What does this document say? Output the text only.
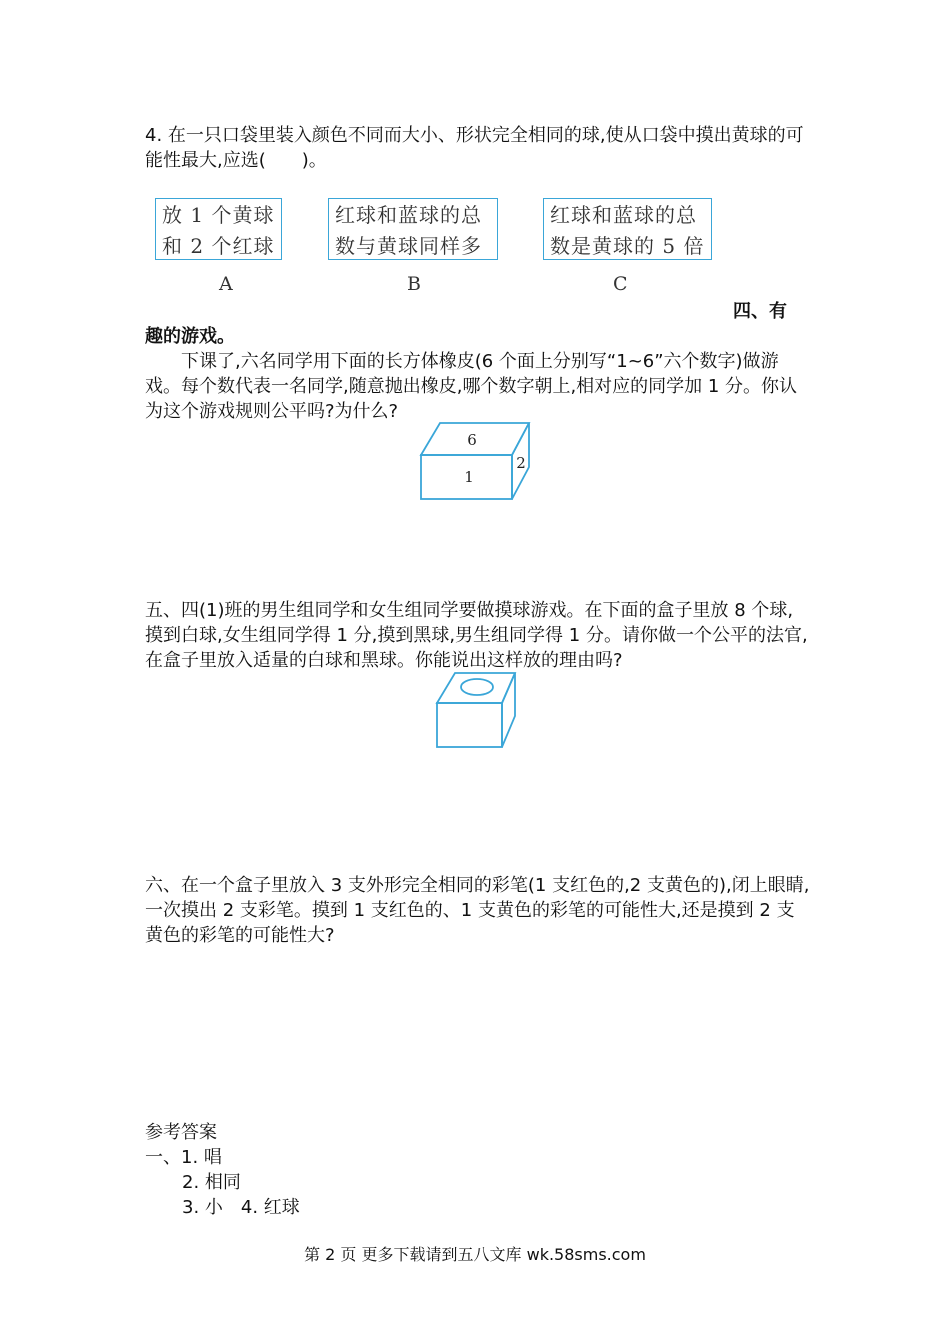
4. 在一只口袋里装入颜色不同而大小、形状完全相同的球,使从口袋中摸出黄球的可能性最大,应选(　　)。

放 1 个黄球
和 2 个红球
红球和蓝球的总
数与黄球同样多
红球和蓝球的总
数是黄球的 5 倍
A	B	C
四、有
趣的游戏。

下课了,六名同学用下面的长方体橡皮(6 个面上分别写“1~6”六个数字)做游戏。每个数代表一名同学,随意抛出橡皮,哪个数字朝上,相对应的同学加 1 分。你认为这个游戏规则公平吗?为什么?

6
1
2

五、四(1)班的男生组同学和女生组同学要做摸球游戏。在下面的盒子里放 8 个球,摸到白球,女生组同学得 1 分,摸到黑球,男生组同学得 1 分。请你做一个公平的法官,在盒子里放入适量的白球和黑球。你能说出这样放的理由吗?

六、在一个盒子里放入 3 支外形完全相同的彩笔(1 支红色的,2 支黄色的),闭上眼睛,一次摸出 2 支彩笔。摸到 1 支红色的、1 支黄色的彩笔的可能性大,还是摸到 2 支黄色的彩笔的可能性大?

参考答案
一、1. 唱
2. 相同
3. 小　4. 红球
第 2 页 更多下载请到五八文库 wk.58sms.com
